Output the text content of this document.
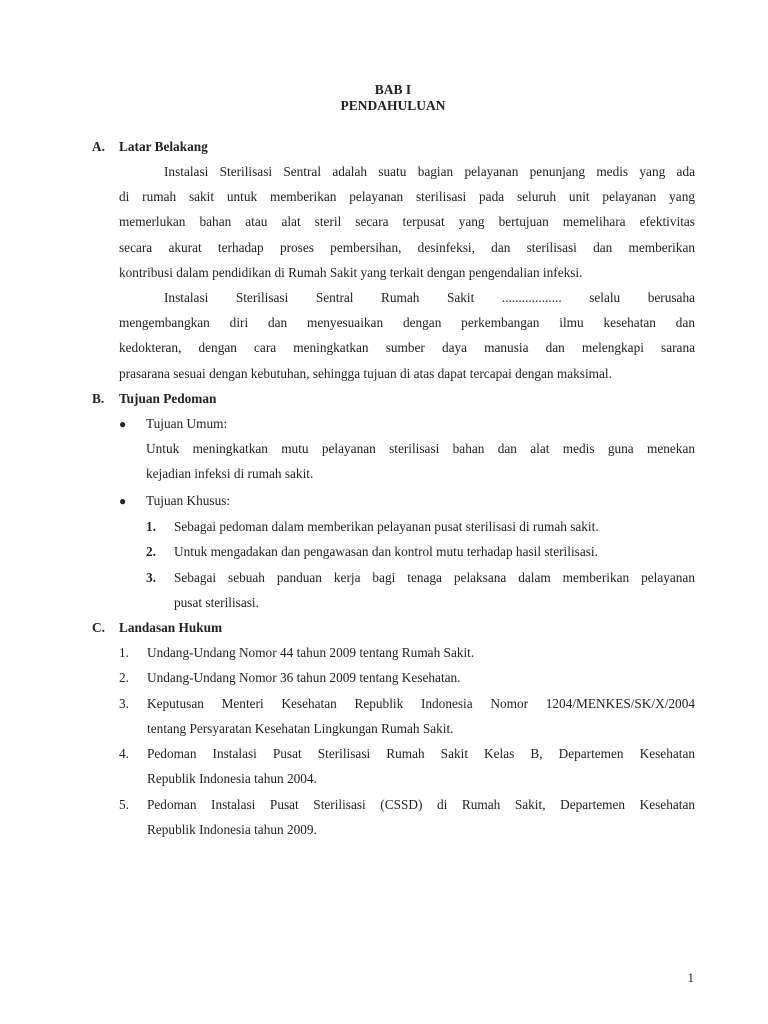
BAB I
PENDAHULUAN
A. Latar Belakang
Instalasi Sterilisasi Sentral adalah suatu bagian pelayanan penunjang medis yang ada
di rumah sakit untuk memberikan pelayanan sterilisasi pada seluruh unit pelayanan yang
memerlukan bahan atau alat steril secara terpusat yang bertujuan memelihara efektivitas
secara akurat terhadap proses pembersihan, desinfeksi, dan sterilisasi dan memberikan
kontribusi dalam pendidikan di Rumah Sakit yang terkait dengan pengendalian infeksi.
Instalasi Sterilisasi Sentral Rumah Sakit .................. selalu berusaha
mengembangkan diri dan menyesuaikan dengan perkembangan ilmu kesehatan dan
kedokteran, dengan cara meningkatkan sumber daya manusia dan melengkapi sarana
prasarana sesuai dengan kebutuhan, sehingga tujuan di atas dapat tercapai dengan maksimal.
B. Tujuan Pedoman
● Tujuan Umum:
Untuk meningkatkan mutu pelayanan sterilisasi bahan dan alat medis guna menekan
kejadian infeksi di rumah sakit.
● Tujuan Khusus:
1.	Sebagai pedoman dalam memberikan pelayanan pusat sterilisasi di rumah sakit.
2.	Untuk mengadakan dan pengawasan dan kontrol mutu terhadap hasil sterilisasi.
3.	Sebagai sebuah panduan kerja bagi tenaga pelaksana dalam memberikan pelayanan
pusat sterilisasi.
C. Landasan Hukum
1.	Undang-Undang Nomor 44 tahun 2009 tentang Rumah Sakit.
2.	Undang-Undang Nomor 36 tahun 2009 tentang Kesehatan.
3.	Keputusan Menteri Kesehatan Republik Indonesia Nomor 1204/MENKES/SK/X/2004
tentang Persyaratan Kesehatan Lingkungan Rumah Sakit.
4.	Pedoman Instalasi Pusat Sterilisasi Rumah Sakit Kelas B, Departemen Kesehatan
Republik Indonesia tahun 2004.
5.	Pedoman Instalasi Pusat Sterilisasi (CSSD) di Rumah Sakit, Departemen Kesehatan
Republik Indonesia tahun 2009.
1
